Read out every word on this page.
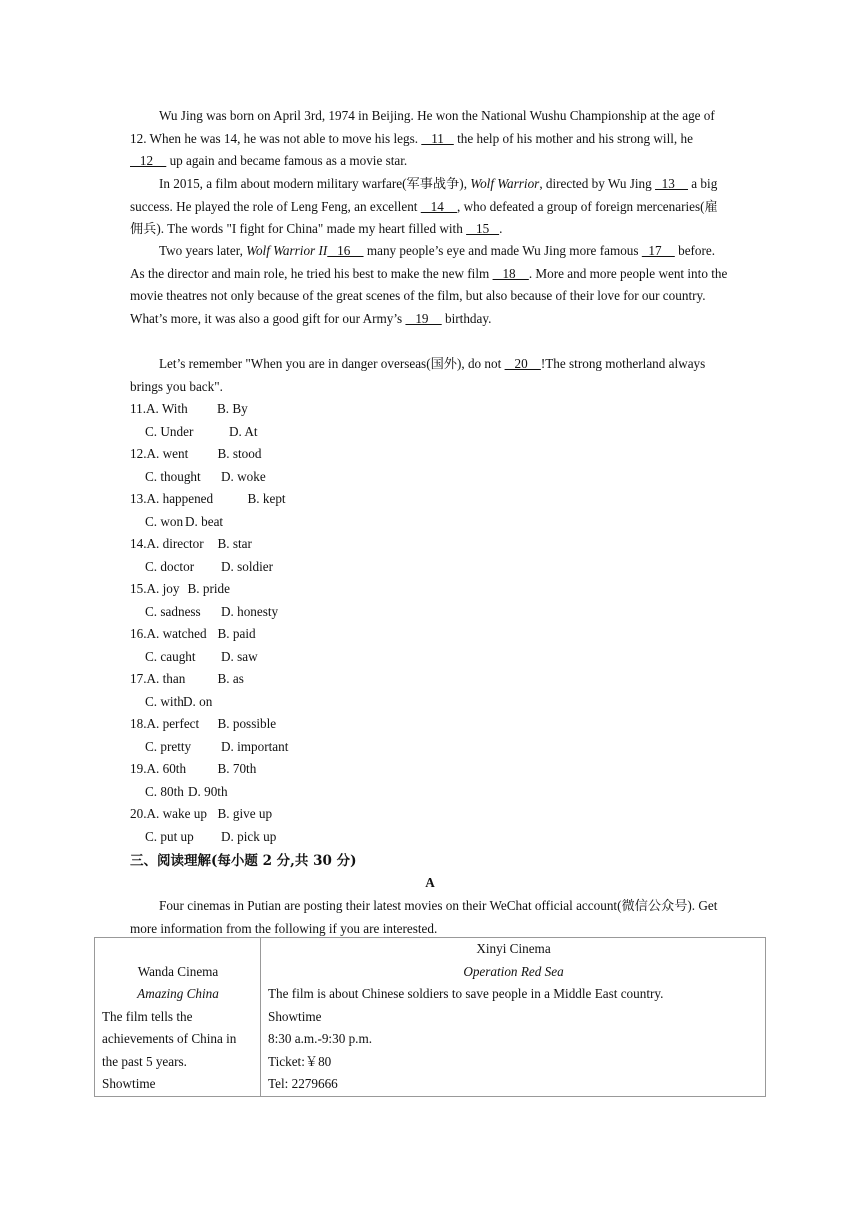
Wu Jing was born on April 3rd, 1974 in Beijing. He won the National Wushu Championship at the age of 12. When he was 14, he was not able to move his legs.    11    the help of his mother and his strong will, he    12     up again and became famous as a movie star.
In 2015, a film about modern military warfare(军事战争), Wolf Warrior, directed by Wu Jing   13     a big success. He played the role of Leng Feng, an excellent    14    , who defeated a group of foreign mercenaries(雇佣兵). The words "I fight for China" made my heart filled with    15   .
Two years later, Wolf Warrior II   16     many people’s eye and made Wu Jing more famous   17     before. As the director and main role, he tried his best to make the new film    18    . More and more people went into the movie theatres not only because of the great scenes of the film, but also because of their love for our country. What’s more, it was also a good gift for our Army’s    19     birthday.
Let’s remember "When you are in danger overseas(国外), do not    20    !The strong motherland always brings you back".
11.A. With B. By
C. Under	D. At
12.A. went B. stood
C. thought D. woke
13.A. happened	B. kept
C. won D. beat
14.A. director B. star
C. doctor D. soldier
15.A. joy B. pride
C. sadness D. honesty
16.A. watched B. paid
C. caught D. saw
17.A. than B. as
C. withD. on
18.A. perfect B. possible
C. pretty D. important
19.A. 60th B. 70th
C. 80th D. 90th
20.A. wake up B. give up
C. put up D. pick up
三、阅读理解(每小题 2 分,共 30 分)
A
Four cinemas in Putian are posting their latest movies on their WeChat official account(微信公众号). Get more information from the following if you are interested.
Wanda Cinema
Amazing China
The film tells the achievements of China in the past 5 years.
Showtime

Xinyi Cinema
Operation Red Sea
The film is about Chinese soldiers to save people in a Middle East country.
Showtime
8:30 a.m.-9:30 p.m.
Ticket:￥80
Tel: 2279666
